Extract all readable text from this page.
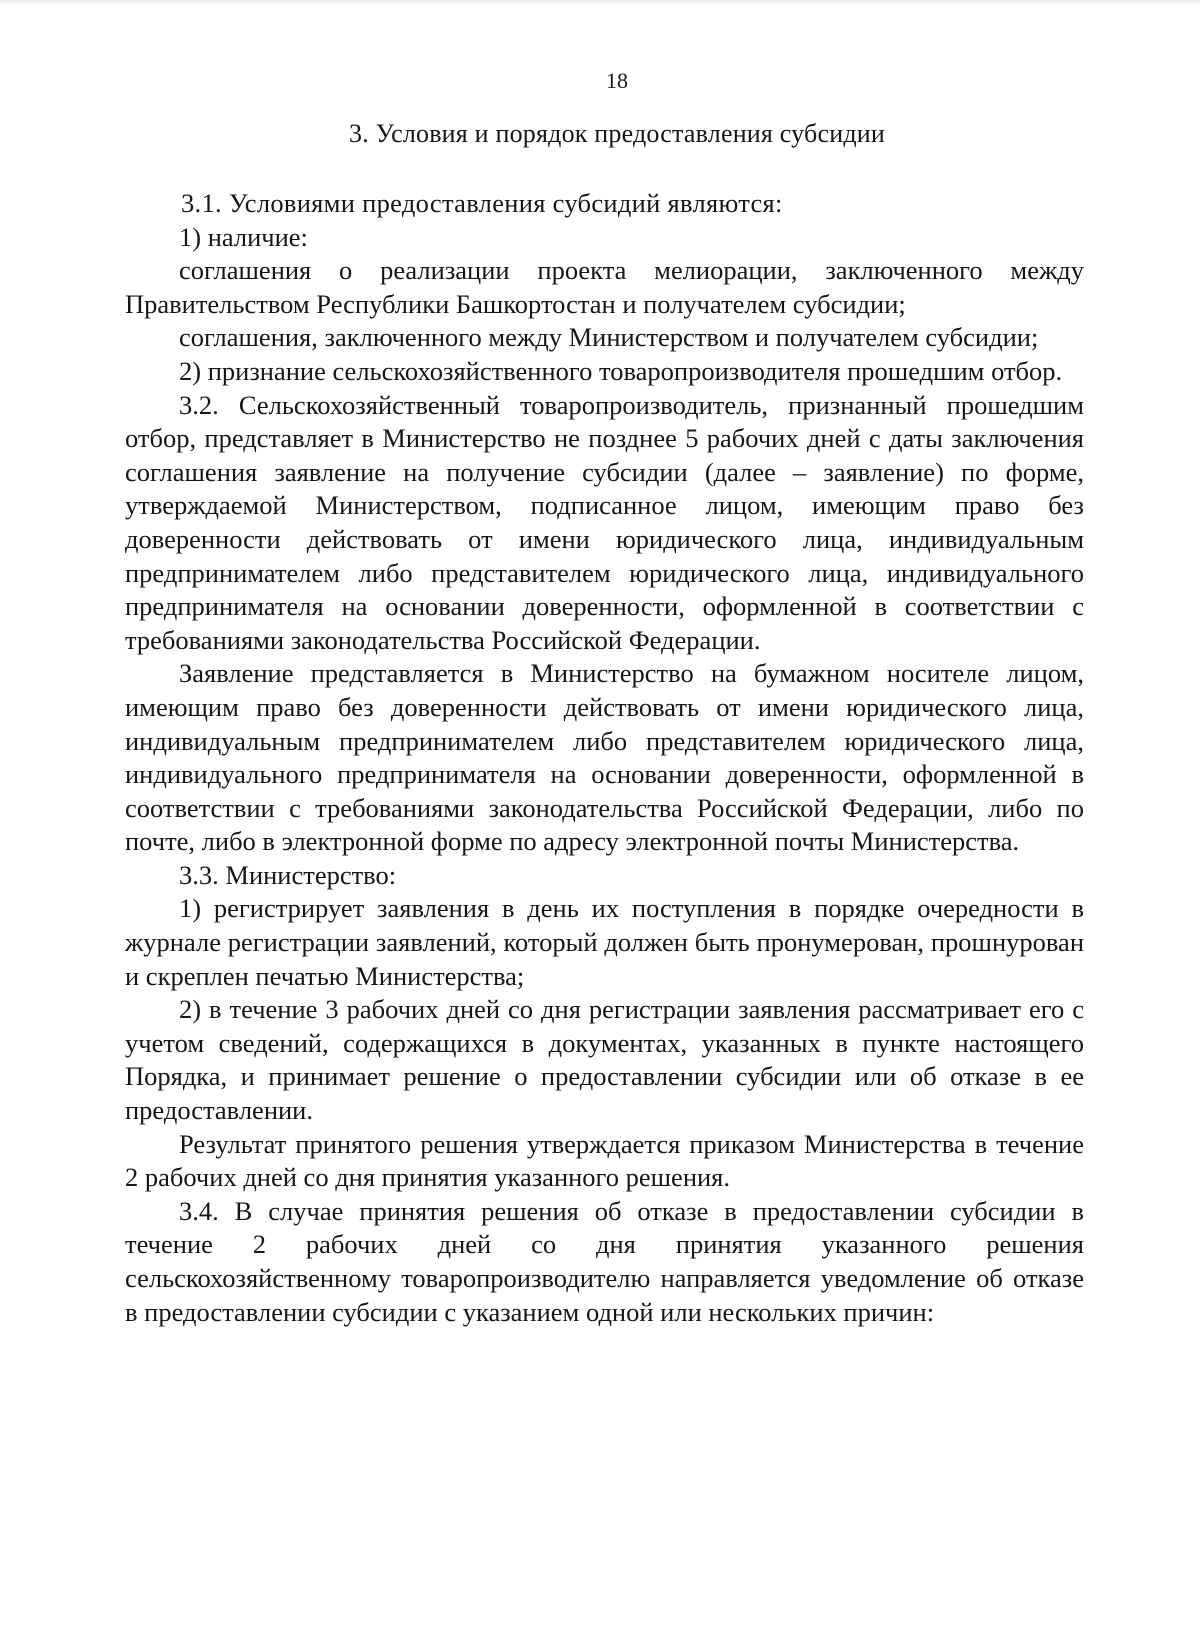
18
3. Условия и порядок предоставления субсидии

3.1. Условиями предоставления субсидий являются:

1) наличие:

соглашения о реализации проекта мелиорации, заключенного между Правительством Республики Башкортостан и получателем субсидии;

соглашения, заключенного между Министерством и получателем субсидии;

2) признание сельскохозяйственного товаропроизводителя прошедшим отбор.

3.2. Сельскохозяйственный товаропроизводитель, признанный прошедшим отбор, представляет в Министерство не позднее 5 рабочих дней с даты заключения соглашения заявление на получение субсидии (далее – заявление) по форме, утверждаемой Министерством, подписанное лицом, имеющим право без доверенности действовать от имени юридического лица, индивидуальным предпринимателем либо представителем юридического лица, индивидуального предпринимателя на основании доверенности, оформленной в соответствии с требованиями законодательства Российской Федерации.

Заявление представляется в Министерство на бумажном носителе лицом, имеющим право без доверенности действовать от имени юридического лица, индивидуальным предпринимателем либо представителем юридического лица, индивидуального предпринимателя на основании доверенности, оформленной в соответствии с требованиями законодательства Российской Федерации, либо по почте, либо в электронной форме по адресу электронной почты Министерства.

3.3. Министерство:

1) регистрирует заявления в день их поступления в порядке очередности в журнале регистрации заявлений, который должен быть пронумерован, прошнурован и скреплен печатью Министерства;

2) в течение 3 рабочих дней со дня регистрации заявления рассматривает его с учетом сведений, содержащихся в документах, указанных в пункте настоящего Порядка, и принимает решение о предоставлении субсидии или об отказе в ее предоставлении.

Результат принятого решения утверждается приказом Министерства в течение 2 рабочих дней со дня принятия указанного решения.

3.4. В случае принятия решения об отказе в предоставлении субсидии в течение 2 рабочих дней со дня принятия указанного решения сельскохозяйственному товаропроизводителю направляется уведомление об отказе в предоставлении субсидии с указанием одной или нескольких причин:
